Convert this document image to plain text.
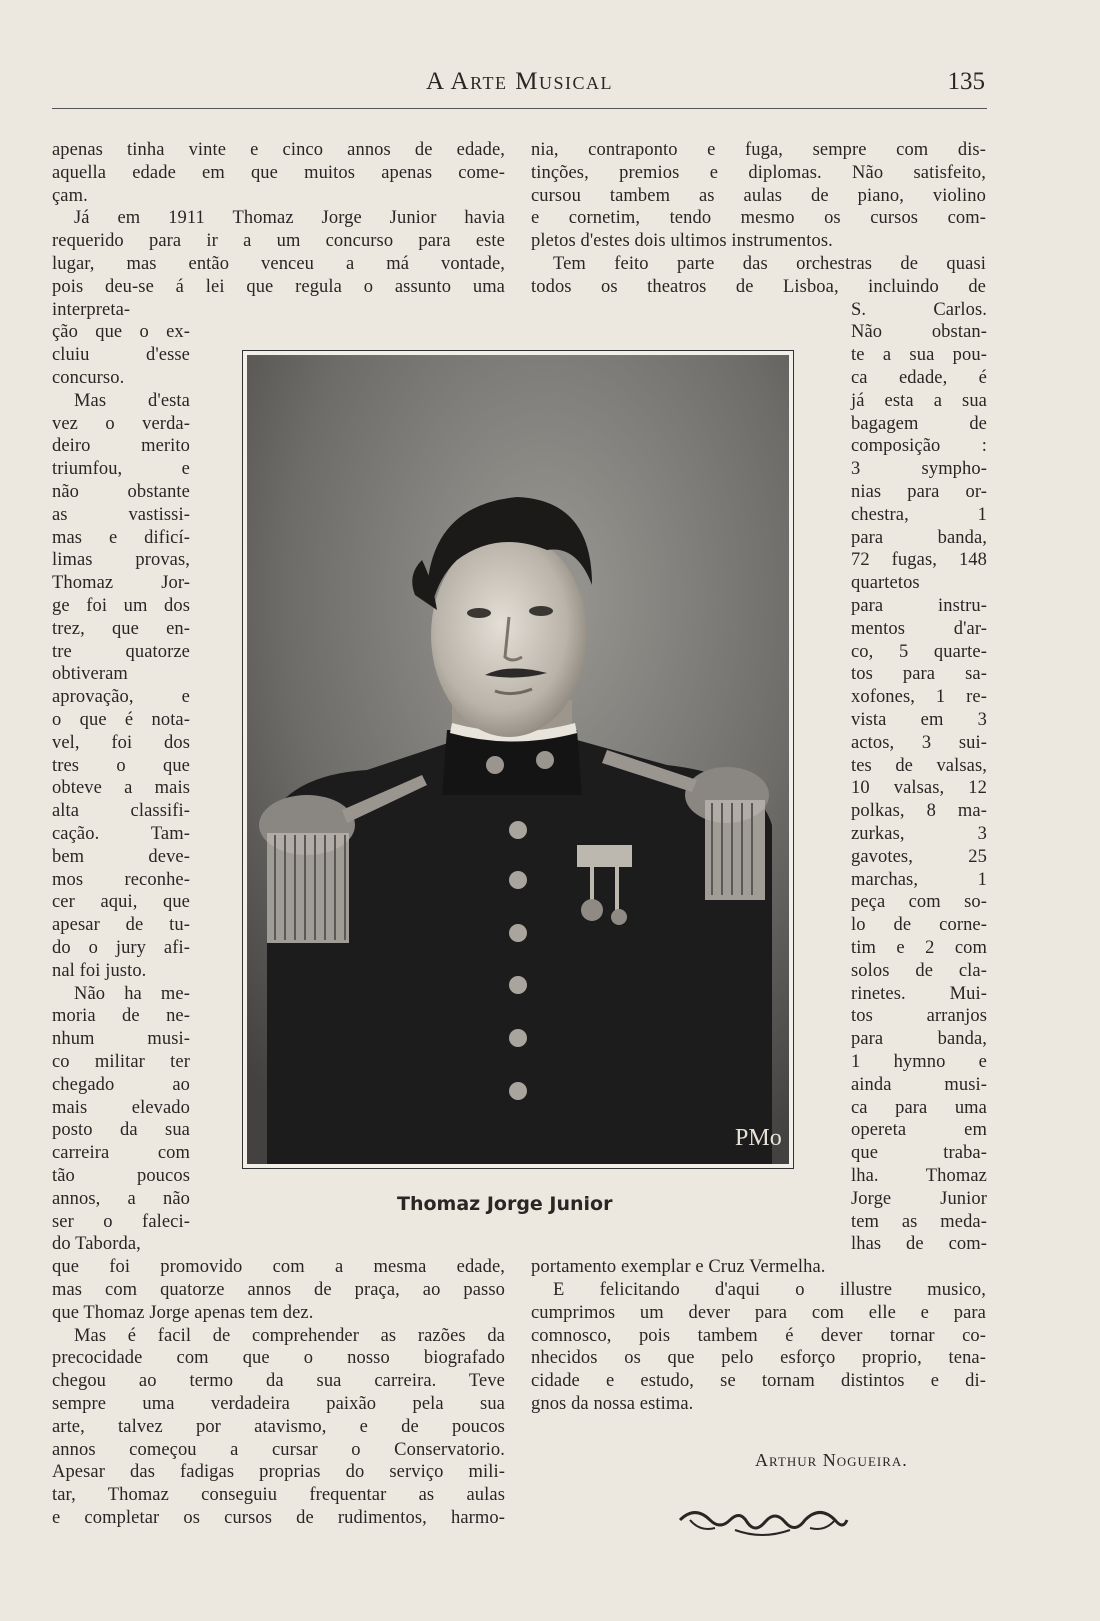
A Arte Musical	135
apenas tinha vinte e cinco annos de edade,
aquella edade em que muitos apenas come-
çam.
Já em 1911 Thomaz Jorge Junior havia
requerido para ir a um concurso para este
lugar, mas então venceu a má vontade,
pois deu-se á lei que regula o assunto uma
interpreta-
ção que o ex-
cluiu d'esse
concurso.
Mas d'esta
vez o verda-
deiro merito
triumfou, e
não obstante
as vastissi-
mas e dificí-
limas provas,
Thomaz Jor-
ge foi um dos
trez, que en-
tre quatorze
obtiveram
aprovação, e
o que é nota-
vel, foi dos
tres o que
obteve a mais
alta classifi-
cação. Tam-
bem deve-
mos reconhe-
cer aqui, que
apesar de tu-
do o jury afi-
nal foi justo.
Não ha me-
moria de ne-
nhum musi-
co militar ter
chegado ao
mais elevado
posto da sua
carreira com
tão poucos
annos, a não
ser o faleci-
do Taborda,
que foi promovido com a mesma edade,
mas com quatorze annos de praça, ao passo
que Thomaz Jorge apenas tem dez.
Mas é facil de comprehender as razões da
precocidade com que o nosso biografado
chegou ao termo da sua carreira. Teve
sempre uma verdadeira paixão pela sua
arte, talvez por atavismo, e de poucos
annos começou a cursar o Conservatorio.
Apesar das fadigas proprias do serviço mili-
tar, Thomaz conseguiu frequentar as aulas
e completar os cursos de rudimentos, harmo-
nia, contraponto e fuga, sempre com dis-
tinções, premios e diplomas. Não satisfeito,
cursou tambem as aulas de piano, violino
e cornetim, tendo mesmo os cursos com-
pletos d'estes dois ultimos instrumentos.
Tem feito parte das orchestras de quasi
todos os theatros de Lisboa, incluindo de
S. Carlos.
Não obstan-
te a sua pou-
ca edade, é
já esta a sua
bagagem de
composição :
3 sympho-
nias para or-
chestra, 1
para banda,
72 fugas, 148
quartetos
para instru-
mentos d'ar-
co, 5 quarte-
tos para sa-
xofones, 1 re-
vista em 3
actos, 3 sui-
tes de valsas,
10 valsas, 12
polkas, 8 ma-
zurkas, 3
gavotes, 25
marchas, 1
peça com so-
lo de corne-
tim e 2 com
solos de cla-
rinetes. Mui-
tos arranjos
para banda,
1 hymno e
ainda musi-
ca para uma
opereta em
que traba-
lha. Thomaz
Jorge Junior
tem as meda-
lhas de com-
portamento exemplar e Cruz Vermelha.
E felicitando d'aqui o illustre musico,
cumprimos um dever para com elle e para
comnosco, pois tambem é dever tornar co-
nhecidos os que pelo esforço proprio, tena-
cidade e estudo, se tornam distintos e di-
gnos da nossa estima.
PMo
Thomaz Jorge Junior
Arthur Nogueira.
